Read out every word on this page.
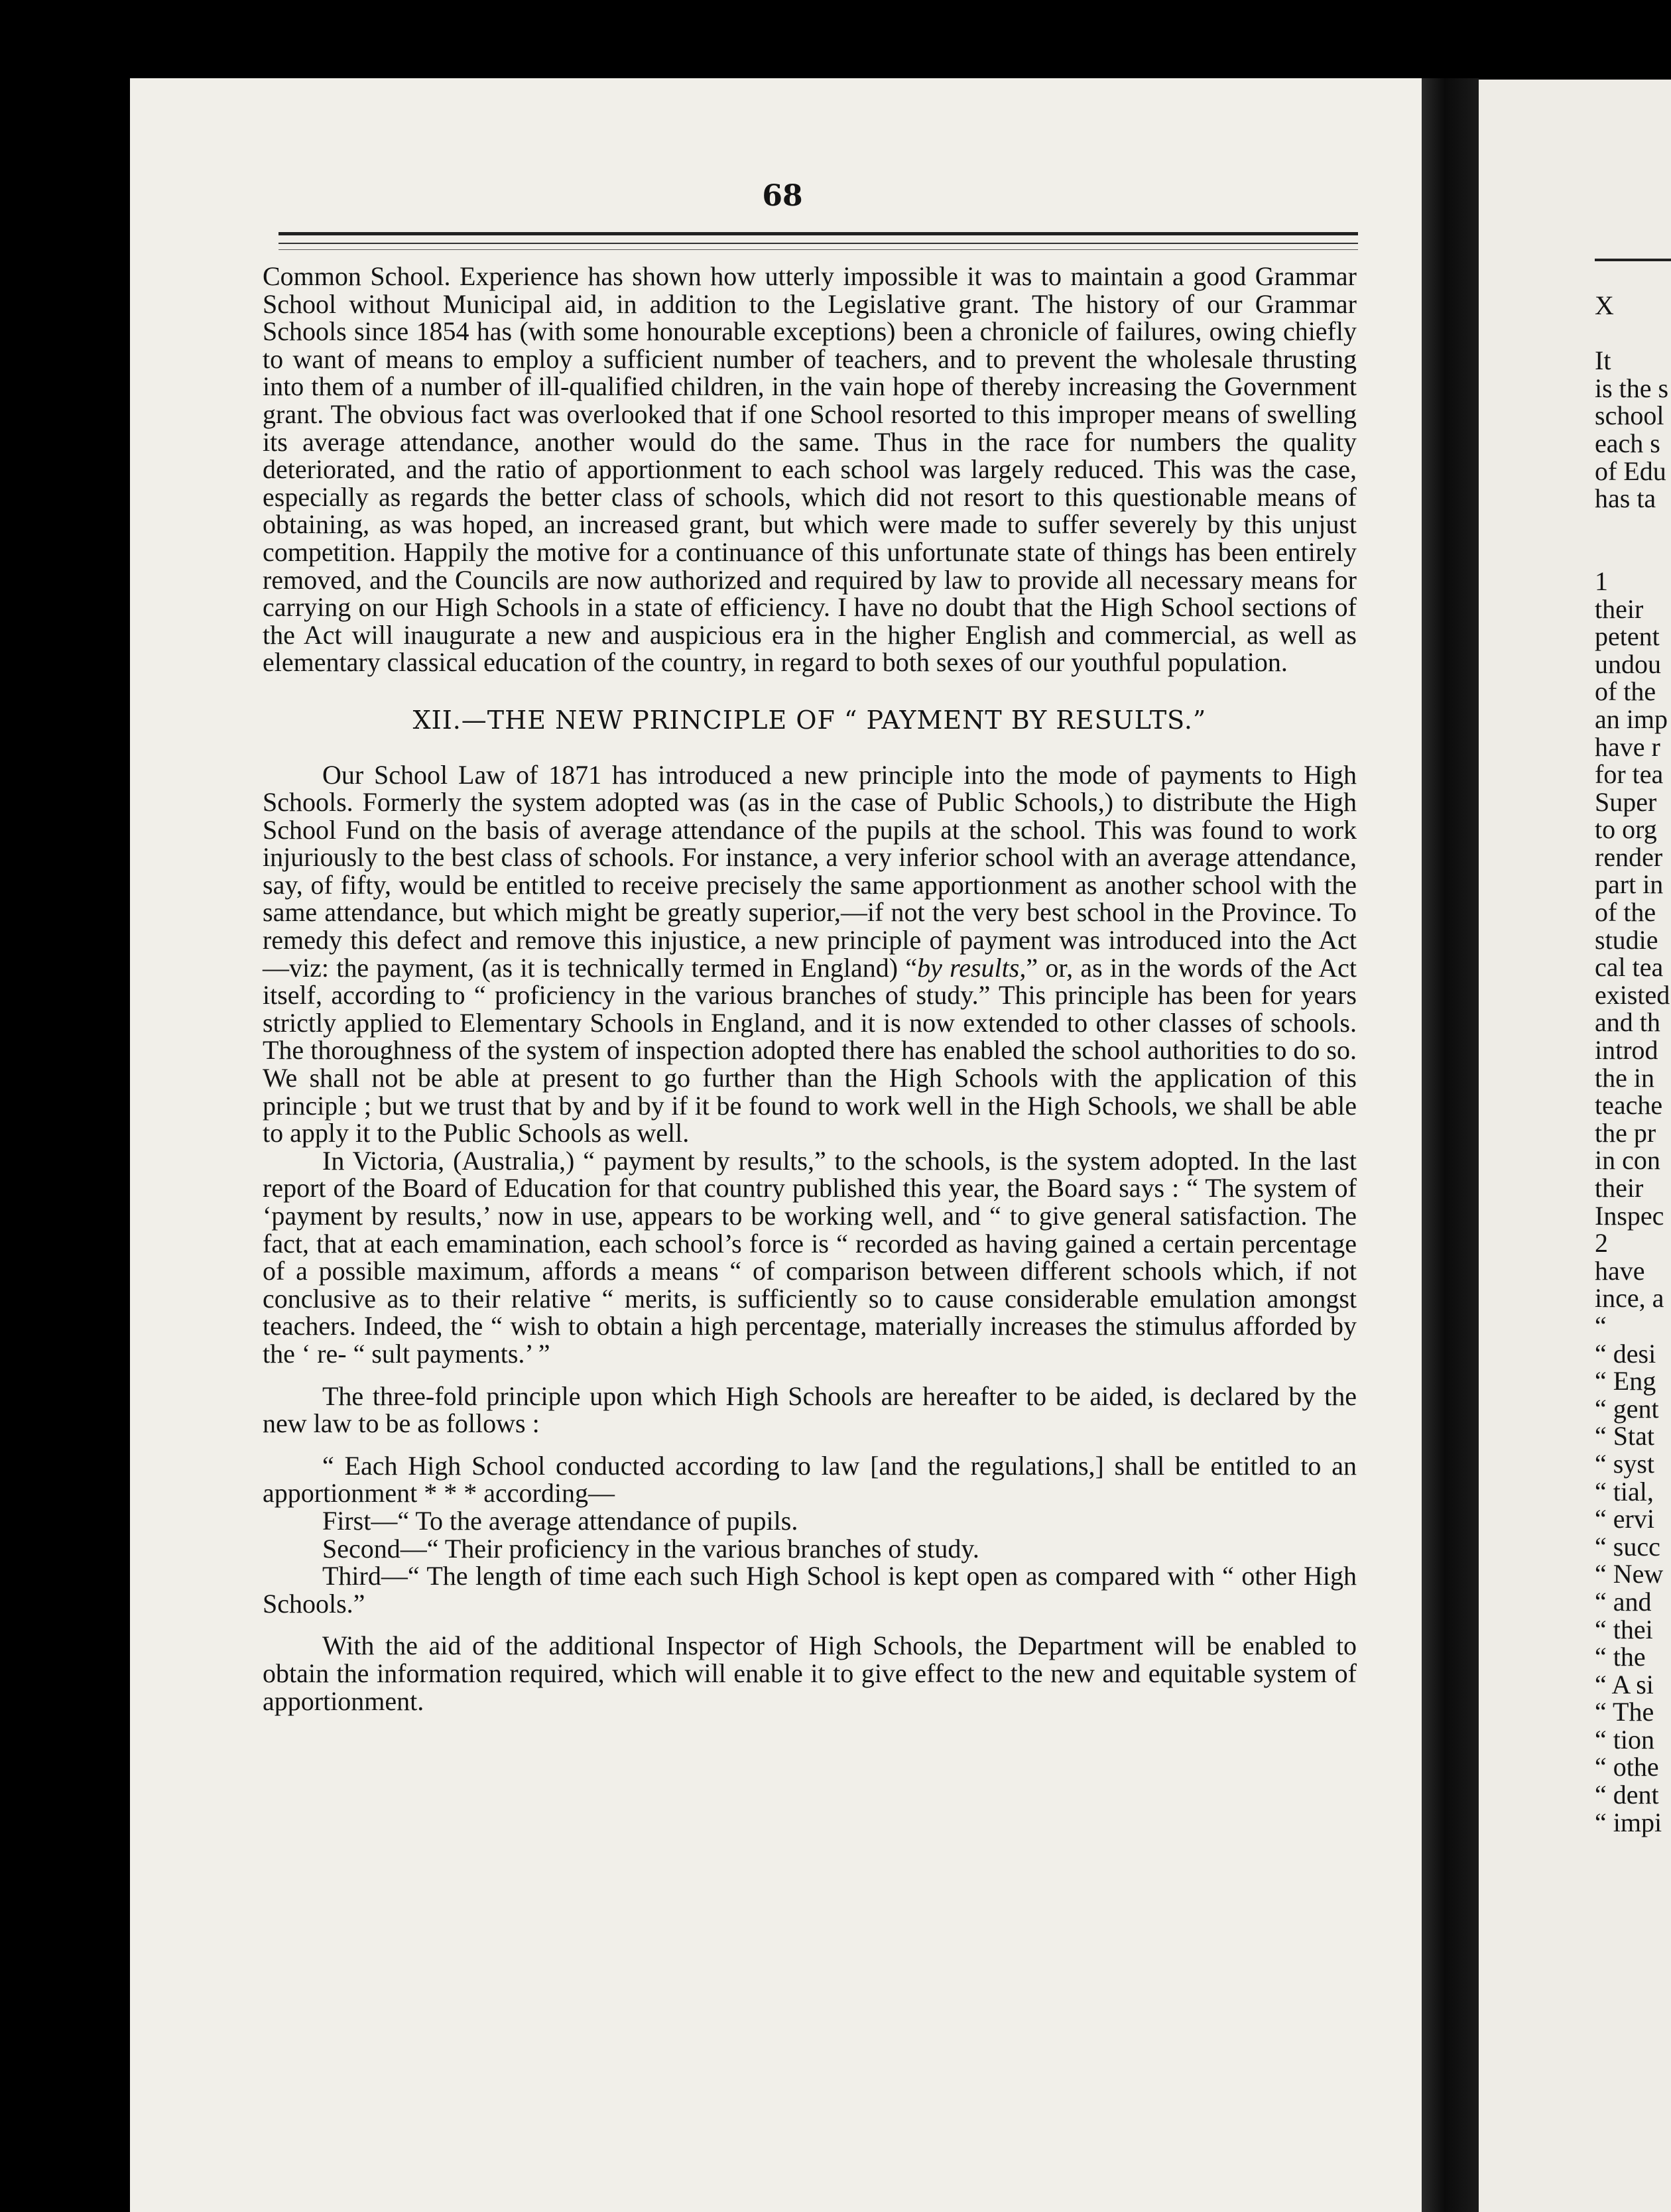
68

Common School. Experience has shown how utterly impossible it was to maintain a good Grammar School without Municipal aid, in addition to the Legislative grant. The history of our Grammar Schools since 1854 has (with some honourable exceptions) been a chronicle of failures, owing chiefly to want of means to employ a sufficient number of teachers, and to prevent the wholesale thrusting into them of a number of ill-qualified children, in the vain hope of thereby increasing the Government grant. The obvious fact was overlooked that if one School resorted to this improper means of swelling its average attendance, another would do the same. Thus in the race for numbers the quality deteriorated, and the ratio of apportionment to each school was largely reduced. This was the case, especially as regards the better class of schools, which did not resort to this questionable means of obtaining, as was hoped, an increased grant, but which were made to suffer severely by this unjust competition. Happily the motive for a continuance of this unfortunate state of things has been entirely removed, and the Councils are now authorized and required by law to provide all necessary means for carrying on our High Schools in a state of efficiency. I have no doubt that the High School sections of the Act will inaugurate a new and auspicious era in the higher English and commercial, as well as elementary classical education of the country, in regard to both sexes of our youthful population.

XII.—THE NEW PRINCIPLE OF “ PAYMENT BY RESULTS.”

Our School Law of 1871 has introduced a new principle into the mode of payments to High Schools. Formerly the system adopted was (as in the case of Public Schools,) to distribute the High School Fund on the basis of average attendance of the pupils at the school. This was found to work injuriously to the best class of schools. For instance, a very inferior school with an average attendance, say, of fifty, would be entitled to receive precisely the same apportionment as another school with the same attendance, but which might be greatly superior,—if not the very best school in the Province. To remedy this defect and remove this injustice, a new principle of payment was introduced into the Act—viz: the payment, (as it is technically termed in England) “by results,” or, as in the words of the Act itself, according to “ proficiency in the various branches of study.” This principle has been for years strictly applied to Elementary Schools in England, and it is now extended to other classes of schools. The thoroughness of the system of inspection adopted there has enabled the school authorities to do so. We shall not be able at present to go further than the High Schools with the application of this principle ; but we trust that by and by if it be found to work well in the High Schools, we shall be able to apply it to the Public Schools as well.

In Victoria, (Australia,) “ payment by results,” to the schools, is the system adopted. In the last report of the Board of Education for that country published this year, the Board says : “ The system of ‘payment by results,’ now in use, appears to be working well, and “ to give general satisfaction. The fact, that at each emamination, each school’s force is “ recorded as having gained a certain percentage of a possible maximum, affords a means “ of comparison between different schools which, if not conclusive as to their relative “ merits, is sufficiently so to cause considerable emulation amongst teachers. Indeed, the “ wish to obtain a high percentage, materially increases the stimulus afforded by the ‘ re- “ sult payments.’ ”

The three-fold principle upon which High Schools are hereafter to be aided, is declared by the new law to be as follows :

“ Each High School conducted according to law [and the regulations,] shall be entitled to an apportionment * * * according—

First—“ To the average attendance of pupils.

Second—“ Their proficiency in the various branches of study.

Third—“ The length of time each such High School is kept open as compared with “ other High Schools.”

With the aid of the additional Inspector of High Schools, the Department will be enabled to obtain the information required, which will enable it to give effect to the new and equitable system of apportionment.

X
It
is the s
school
each s
of Edu
has ta
1
their
petent
undou
of the
an imp
have r
for tea
Super
to org
render
part in
of the
studie
cal tea
existed
and th
introd
the in
teache
the pr
in con
their
Inspec
2
have
ince, a
“
“ desi
“ Eng
“ gent
“ Stat
“ syst
“ tial,
“ ervi
“ succ
“ New
“ and
“ thei
“ the
“ A si
“ The
“ tion
“ othe
“ dent
“ impi
